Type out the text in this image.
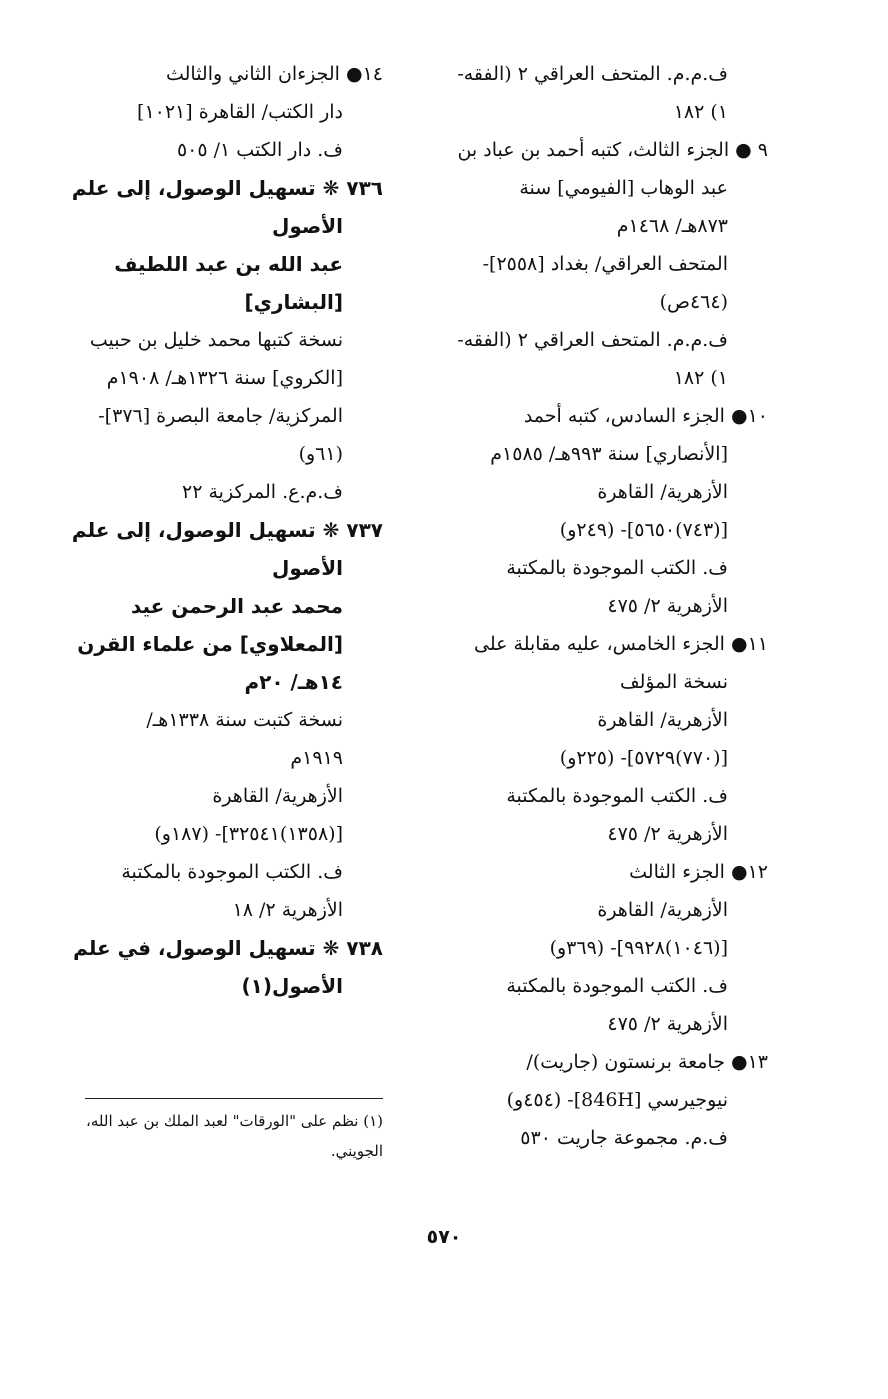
ف.م.م. المتحف العراقي ٢ (الفقه-
١) ١٨٢
٩ ● الجزء الثالث، كتبه أحمد بن عباد بن
عبد الوهاب [الفيومي] سنة
٨٧٣هـ/ ١٤٦٨م
المتحف العراقي/ بغداد [٢٥٥٨]-
(٤٦٤ص)
ف.م.م. المتحف العراقي ٢ (الفقه-
١) ١٨٢
١٠● الجزء السادس، كتبه أحمد
[الأنصاري] سنة ٩٩٣هـ/ ١٥٨٥م
الأزهرية/ القاهرة
[(٧٤٣)٥٦٥٠]- (٢٤٩و)
ف. الكتب الموجودة بالمكتبة
الأزهرية ٢/ ٤٧٥
١١● الجزء الخامس، عليه مقابلة على
نسخة المؤلف
الأزهرية/ القاهرة
[(٧٧٠)٥٧٢٩]- (٢٢٥و)
ف. الكتب الموجودة بالمكتبة
الأزهرية ٢/ ٤٧٥
١٢● الجزء الثالث
الأزهرية/ القاهرة
[(١٠٤٦)٩٩٢٨]- (٣٦٩و)
ف. الكتب الموجودة بالمكتبة
الأزهرية ٢/ ٤٧٥
١٣● جامعة برنستون (جاريت)/
نيوجيرسي [846H]- (٤٥٤و)
ف.م. مجموعة جاريت ٥٣٠
١٤● الجزءان الثاني والثالث
دار الكتب/ القاهرة [١٠٢١]
ف. دار الكتب ١/ ٥٠٥
٧٣٦ ❋ تسهيل الوصول، إلى علم
الأصول
عبد الله بن عبد اللطيف
[البشاري]
نسخة كتبها محمد خليل بن حبيب
[الكروي] سنة ١٣٢٦هـ/ ١٩٠٨م
المركزية/ جامعة البصرة [٣٧٦]-
(٦١و)
ف.م.ع. المركزية ٢٢
٧٣٧ ❋ تسهيل الوصول، إلى علم
الأصول
محمد عبد الرحمن عيد
[المعلاوي] من علماء القرن
١٤هـ/ ٢٠م
نسخة كتبت سنة ١٣٣٨هـ/
١٩١٩م
الأزهرية/ القاهرة
[(١٣٥٨)٣٢٥٤١]- (١٨٧و)
ف. الكتب الموجودة بالمكتبة
الأزهرية ٢/ ١٨
٧٣٨ ❋ تسهيل الوصول، في علم
الأصول(١)
(١) نظم على "الورقات" لعبد الملك بن عبد الله،
الجويني.
٥٧٠
